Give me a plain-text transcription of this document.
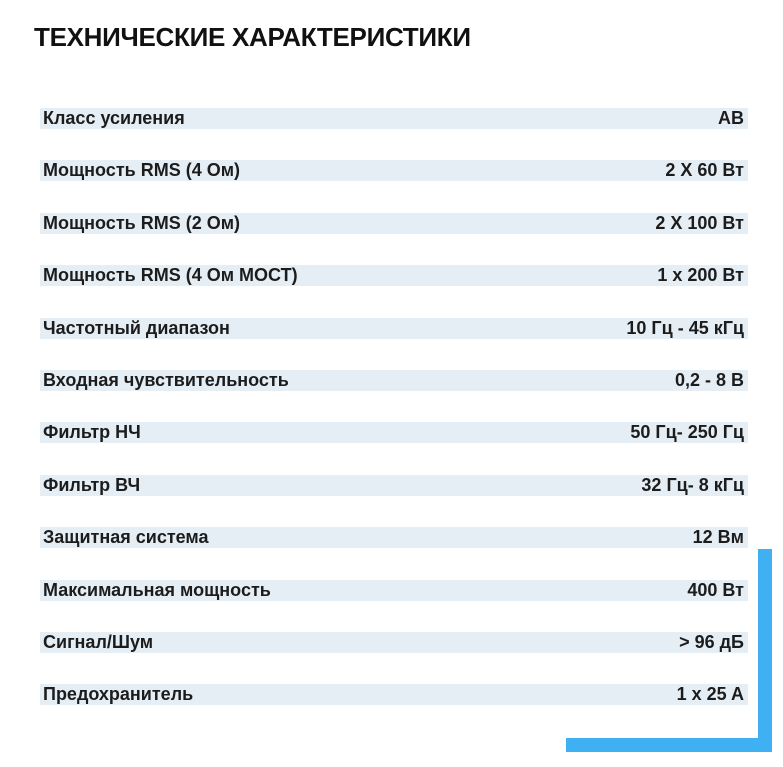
ТЕХНИЧЕСКИЕ ХАРАКТЕРИСТИКИ
Класс усиления	AB
Мощность RMS (4 Ом)	2 X 60 Вт
Мощность RMS (2 Ом)	2 X 100 Вт
Мощность RMS (4 Ом МОСТ)	1 x 200 Вт
Частотный диапазон	10 Гц - 45 кГц
Входная чувствительность	0,2 - 8 В
Фильтр НЧ	50 Гц- 250 Гц
Фильтр ВЧ	32 Гц- 8 кГц
Защитная система	12 Вм
Максимальная мощность	400 Вт
Сигнал/Шум	> 96 дБ
Предохранитель	1 x 25 A
